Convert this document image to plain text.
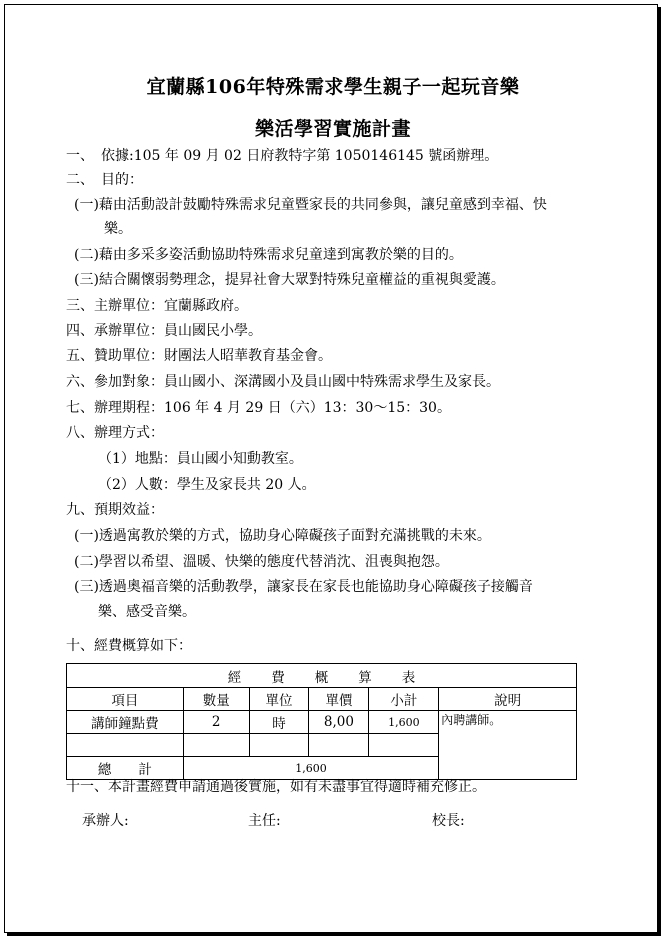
宜蘭縣106年特殊需求學生親子一起玩音樂
樂活學習實施計畫
一、　依據:105 年 09 月 02 日府教特字第 1050146145 號函辦理。
二、　目的：
(一)藉由活動設計鼓勵特殊需求兒童暨家長的共同參與，讓兒童感到幸福、快
樂。
(二)藉由多采多姿活動協助特殊需求兒童達到寓教於樂的目的。
(三)結合關懷弱勢理念，提昇社會大眾對特殊兒童權益的重視與愛護。
三、主辦單位：宜蘭縣政府。
四、承辦單位：員山國民小學。
五、贊助單位：財團法人昭華教育基金會。
六、參加對象：員山國小、深溝國小及員山國中特殊需求學生及家長。
七、辦理期程：106 年 4 月 29 日（六）13：30～15：30。
八、辦理方式：
（1）地點：員山國小知動教室。
（2）人數：學生及家長共 20 人。
九、預期效益：
(一)透過寓教於樂的方式，協助身心障礙孩子面對充滿挑戰的未來。
(二)學習以希望、溫暖、快樂的態度代替消沈、沮喪與抱怨。
(三)透過奧福音樂的活動教學，讓家長在家長也能協助身心障礙孩子接觸音
樂、感受音樂。
十、經費概算如下：
經費概算表					
項目	數量	單位	單價	小計	說明
講師鐘點費	2	時	8,00	1,600	內聘講師。

總　　計	1,600				
十一、本計畫經費申請通過後實施，如有未盡事宜得適時補充修正。
承辦人:	主任:	校長:
